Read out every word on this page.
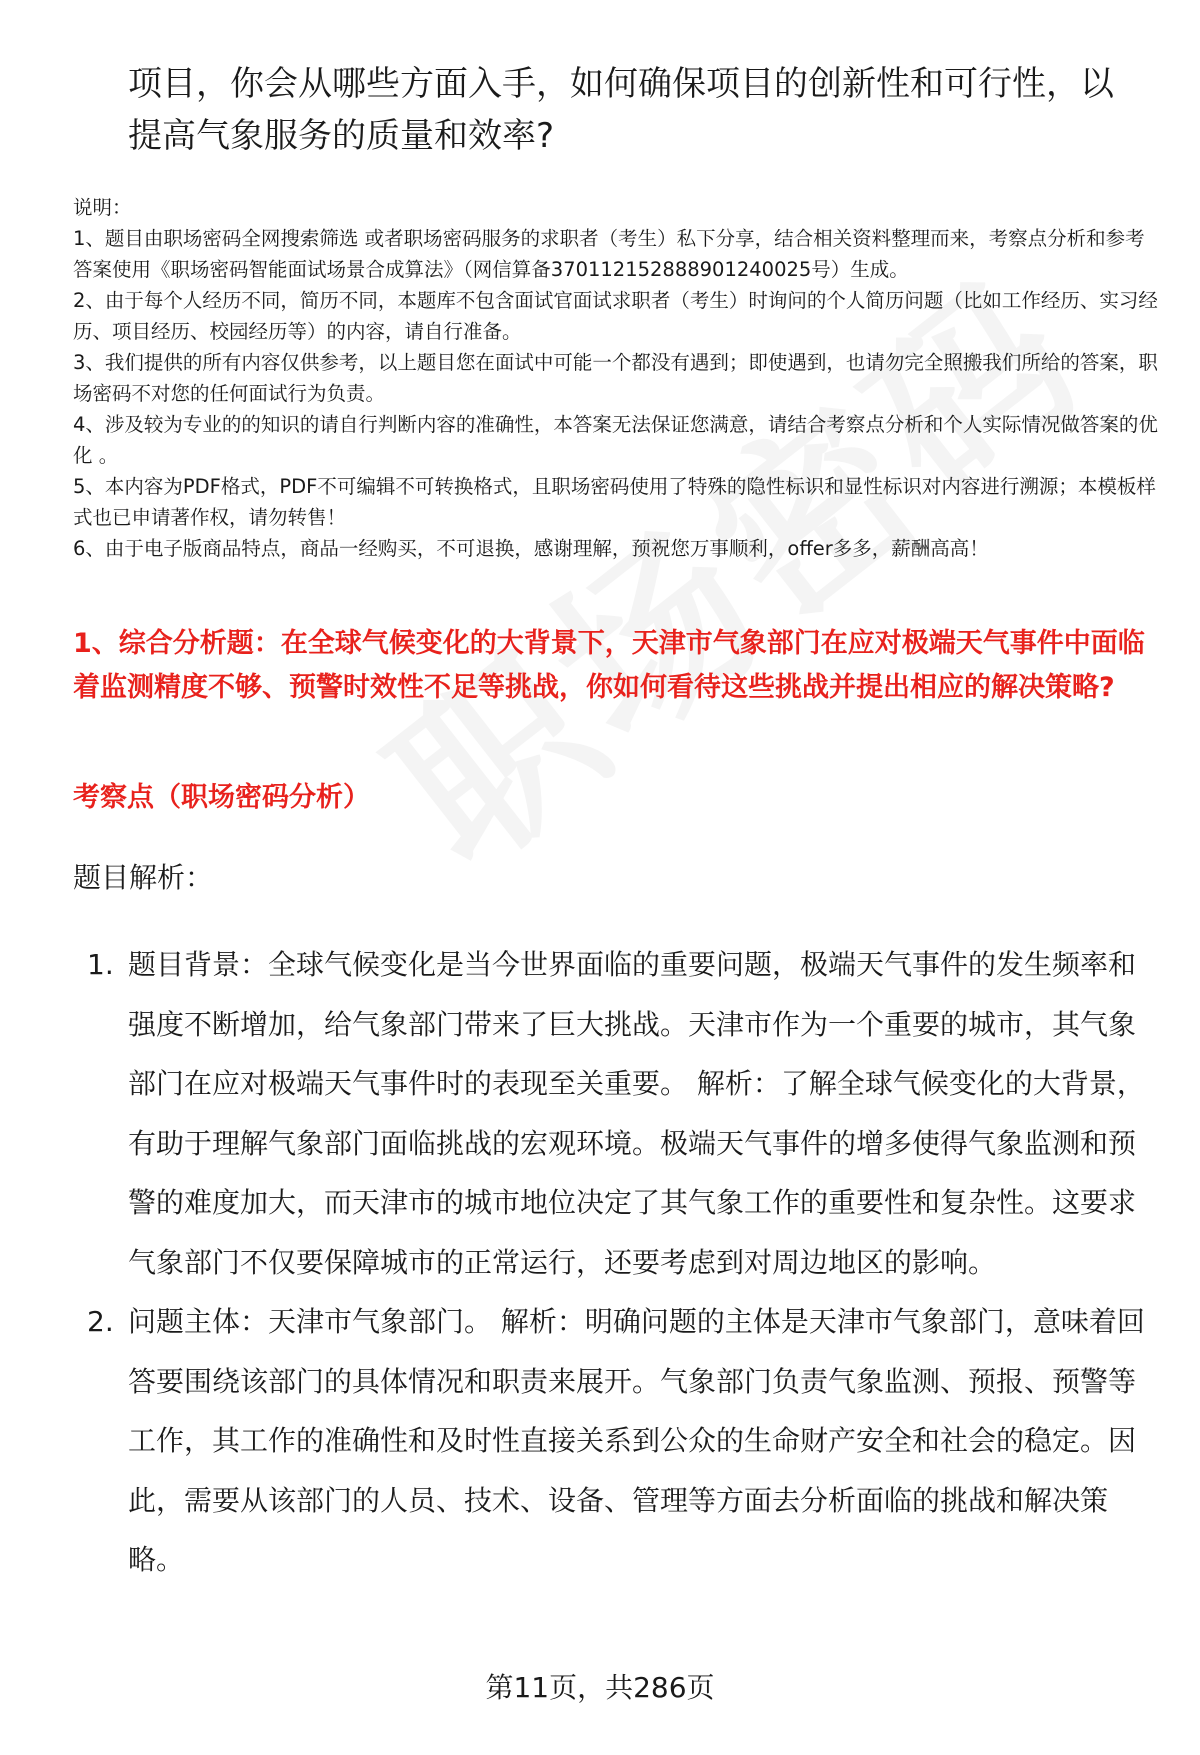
项目，你会从哪些方面入手，如何确保项目的创新性和可行性，以提高气象服务的质量和效率?

说明：

1、题目由职场密码全网搜索筛选 或者职场密码服务的求职者（考生）私下分享，结合相关资料整理而来，考察点分析和参考答案使用《职场密码智能面试场景合成算法》（网信算备370112152888901240025号）生成。

2、由于每个人经历不同，简历不同，本题库不包含面试官面试求职者（考生）时询问的个人简历问题（比如工作经历、实习经历、项目经历、校园经历等）的内容，请自行准备。

3、我们提供的所有内容仅供参考，以上题目您在面试中可能一个都没有遇到；即使遇到，也请勿完全照搬我们所给的答案，职场密码不对您的任何面试行为负责。

4、涉及较为专业的的知识的请自行判断内容的准确性，本答案无法保证您满意，请结合考察点分析和个人实际情况做答案的优化 。

5、本内容为PDF格式，PDF不可编辑不可转换格式，且职场密码使用了特殊的隐性标识和显性标识对内容进行溯源；本模板样式也已申请著作权，请勿转售！

6、由于电子版商品特点，商品一经购买，不可退换，感谢理解，预祝您万事顺利，offer多多，薪酬高高！

1、综合分析题：在全球气候变化的大背景下，天津市气象部门在应对极端天气事件中面临着监测精度不够、预警时效性不足等挑战，你如何看待这些挑战并提出相应的解决策略?
考察点（职场密码分析）
题目解析：
1. 题目背景：全球气候变化是当今世界面临的重要问题，极端天气事件的发生频率和强度不断增加，给气象部门带来了巨大挑战。天津市作为一个重要的城市，其气象部门在应对极端天气事件时的表现至关重要。 解析：了解全球气候变化的大背景，有助于理解气象部门面临挑战的宏观环境。极端天气事件的增多使得气象监测和预警的难度加大，而天津市的城市地位决定了其气象工作的重要性和复杂性。这要求气象部门不仅要保障城市的正常运行，还要考虑到对周边地区的影响。
2. 问题主体：天津市气象部门。 解析：明确问题的主体是天津市气象部门，意味着回答要围绕该部门的具体情况和职责来展开。气象部门负责气象监测、预报、预警等工作，其工作的准确性和及时性直接关系到公众的生命财产安全和社会的稳定。因此，需要从该部门的人员、技术、设备、管理等方面去分析面临的挑战和解决策略。
第11页，共286页
